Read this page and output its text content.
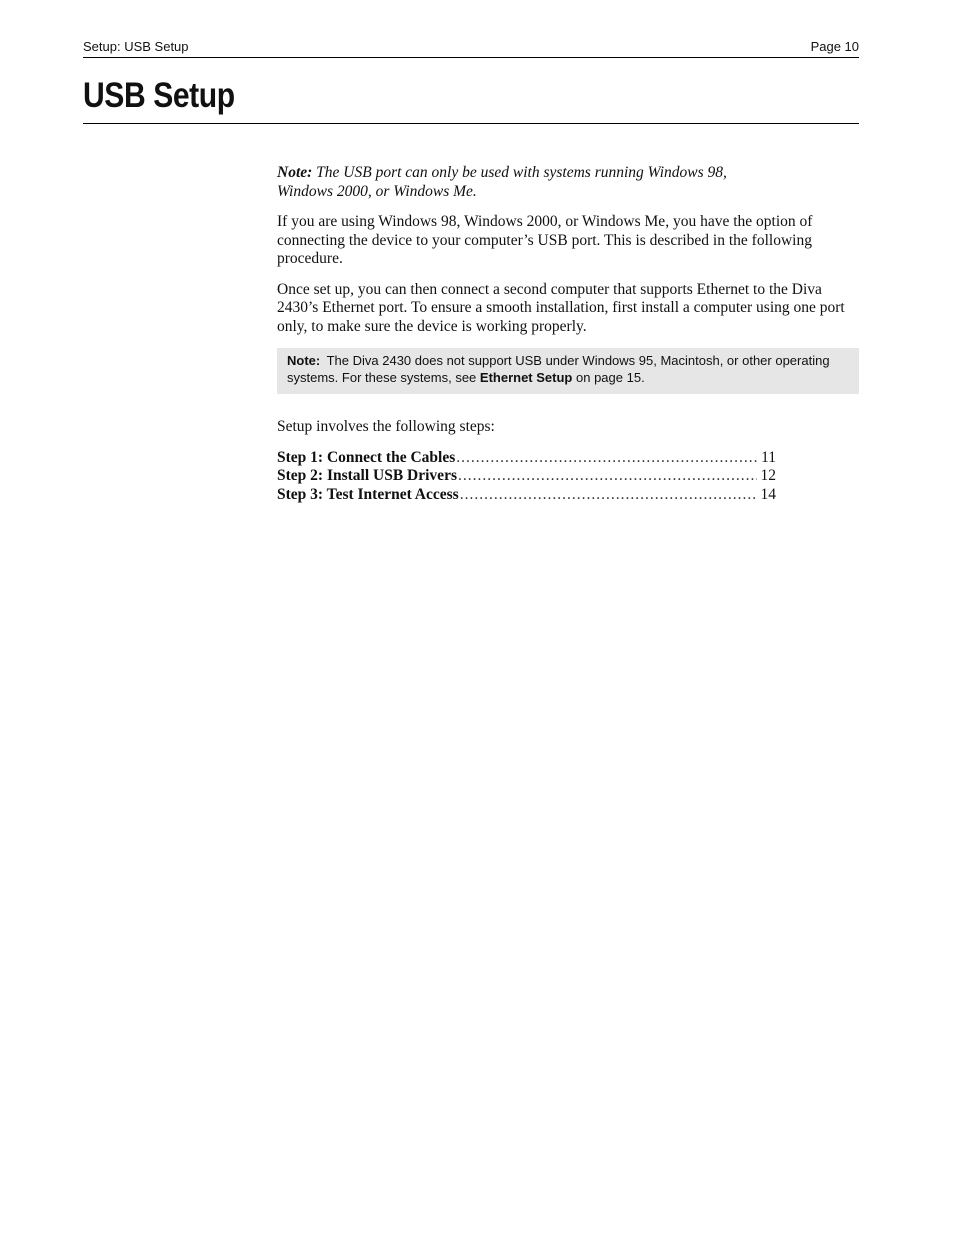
Setup: USB Setup	Page 10
USB Setup

Note: The USB port can only be used with systems running Windows 98, Windows 2000, or Windows Me.

If you are using Windows 98, Windows 2000, or Windows Me, you have the option of connecting the device to your computer’s USB port. This is described in the following procedure.

Once set up, you can then connect a second computer that supports Ethernet to the Diva 2430’s Ethernet port. To ensure a smooth installation, first install a computer using one port only, to make sure the device is working properly.

Note: The Diva 2430 does not support USB under Windows 95, Macintosh, or other operating systems. For these systems, see Ethernet Setup on page 15.

Setup involves the following steps:

Step 1: Connect the Cables .....	11
Step 2: Install USB Drivers .....	12
Step 3: Test Internet Access .....	14
